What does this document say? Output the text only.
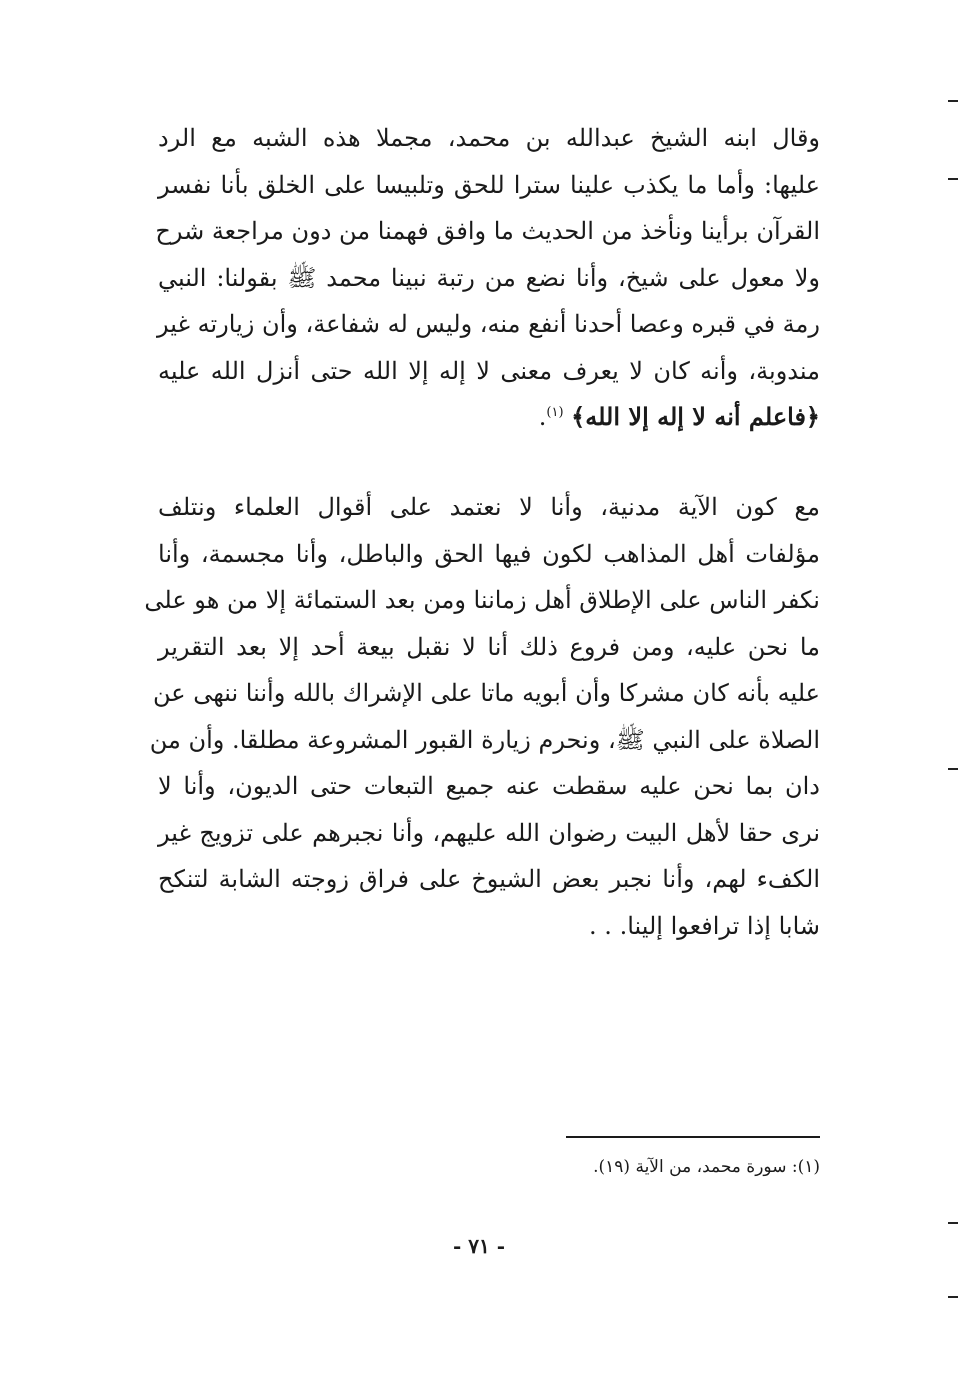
وقال ابنه الشيخ عبدالله بن محمد، مجملا هذه الشبه مع الرد
عليها: وأما ما يكذب علينا سترا للحق وتلبيسا على الخلق بأنا نفسر
القرآن برأينا ونأخذ من الحديث ما وافق فهمنا من دون مراجعة شرح
ولا معول على شيخ، وأنا نضع من رتبة نبينا محمد ﷺ بقولنا: النبي
رمة في قبره وعصا أحدنا أنفع منه، وليس له شفاعة، وأن زيارته غير
مندوبة، وأنه كان لا يعرف معنى لا إله إلا الله حتى أنزل الله عليه
﴿فاعلم أنه لا إله إلا الله﴾ $^{(١)}$.
مع كون الآية مدنية، وأنا لا نعتمد على أقوال العلماء ونتلف
مؤلفات أهل المذاهب لكون فيها الحق والباطل، وأنا مجسمة، وأنا
نكفر الناس على الإطلاق أهل زماننا ومن بعد الستمائة إلا من هو على
ما نحن عليه، ومن فروع ذلك أنا لا نقبل بيعة أحد إلا بعد التقرير
عليه بأنه كان مشركا وأن أبويه ماتا على الإشراك بالله وأننا ننهى عن
الصلاة على النبي ﷺ، ونحرم زيارة القبور المشروعة مطلقا. وأن من
دان بما نحن عليه سقطت عنه جميع التبعات حتى الديون، وأنا لا
نرى حقا لأهل البيت رضوان الله عليهم، وأنا نجبرهم على تزويج غير
الكفء لهم، وأنا نجبر بعض الشيوخ على فراق زوجته الشابة لتنكح
شابا إذا ترافعوا إلينا. . .
(١): سورة محمد، من الآية (١٩).
- ٧١ -
